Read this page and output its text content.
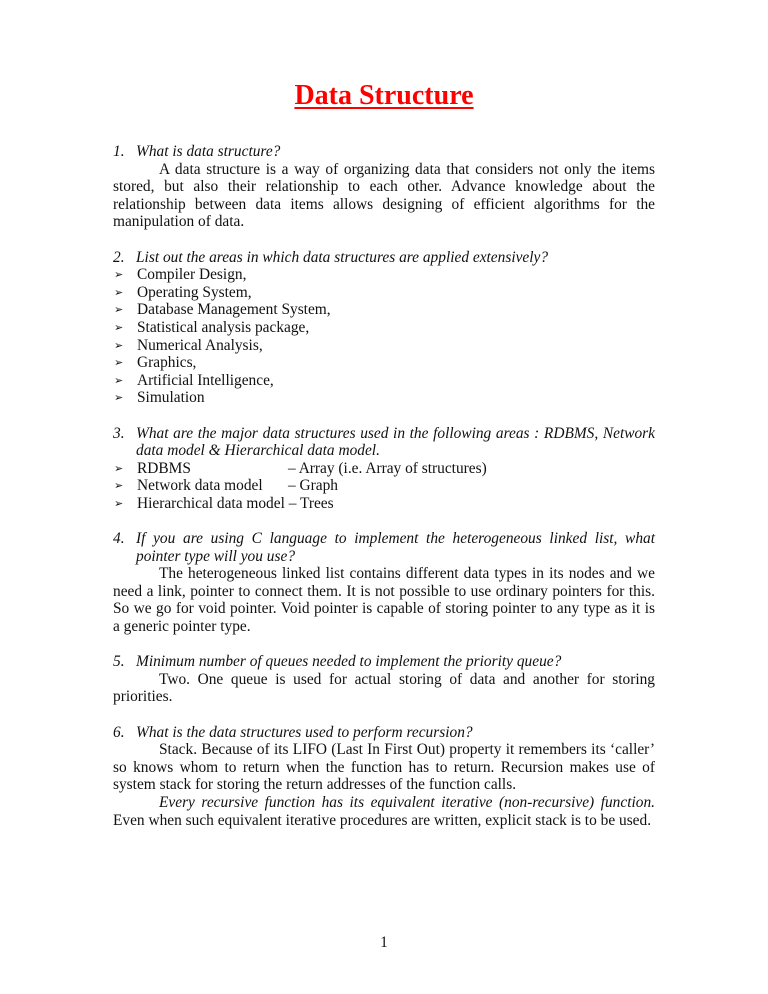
Data Structure
1. What is data structure?

A data structure is a way of organizing data that considers not only the items stored, but also their relationship to each other. Advance knowledge about the relationship between data items allows designing of efficient algorithms for the manipulation of data.

2. List out the areas in which data structures are applied extensively?
➢ Compiler Design,
➢ Operating System,
➢ Database Management System,
➢ Statistical analysis package,
➢ Numerical Analysis,
➢ Graphics,
➢ Artificial Intelligence,
➢ Simulation
3. What are the major data structures used in the following areas : RDBMS, Network data model & Hierarchical data model.
➢ RDBMS	– Array (i.e. Array of structures)
➢ Network data model	– Graph
➢ Hierarchical data model
– Trees
4. If you are using C language to implement the heterogeneous linked list, what pointer type will you use?

The heterogeneous linked list contains different data types in its nodes and we need a link, pointer to connect them. It is not possible to use ordinary pointers for this. So we go for void pointer. Void pointer is capable of storing pointer to any type as it is a generic pointer type.

5. Minimum number of queues needed to implement the priority queue?

Two. One queue is used for actual storing of data and another for storing priorities.

6. What is the data structures used to perform recursion?

Stack. Because of its LIFO (Last In First Out) property it remembers its ‘caller’ so knows whom to return when the function has to return. Recursion makes use of system stack for storing the return addresses of the function calls.

Every recursive function has its equivalent iterative (non-recursive) function. Even when such equivalent iterative procedures are written, explicit stack is to be used.

1
